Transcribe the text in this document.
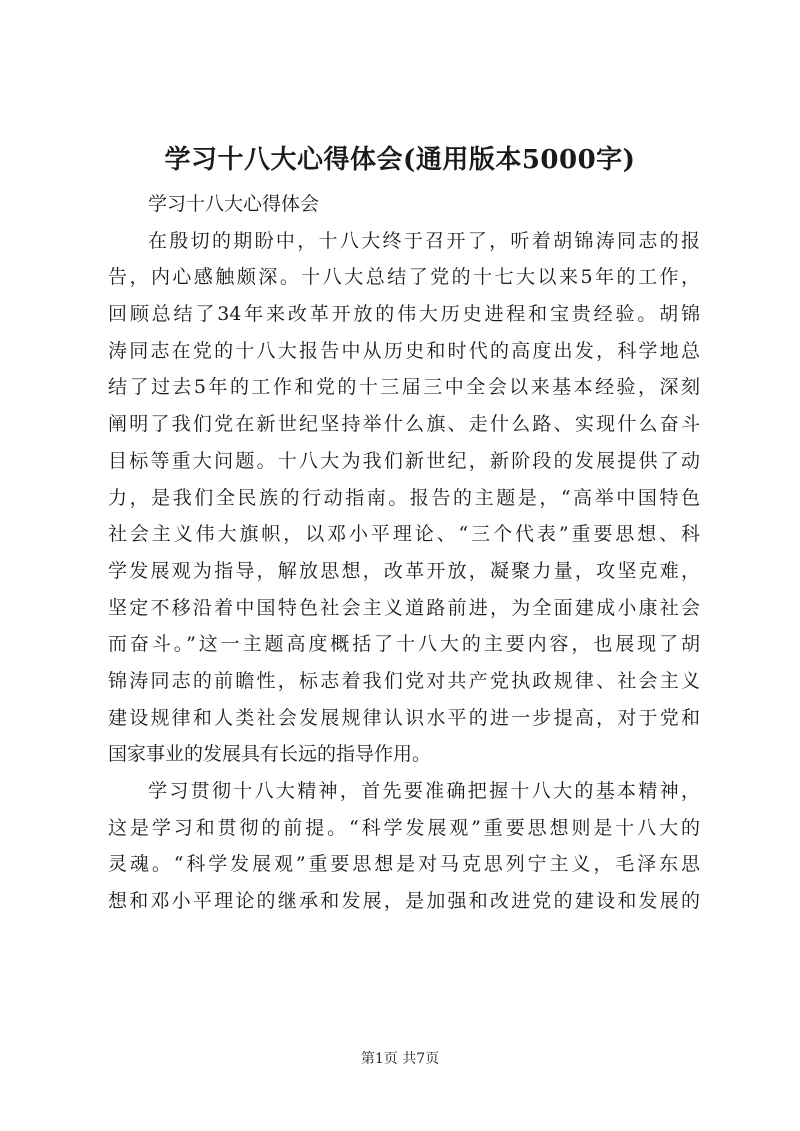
学习十八大心得体会(通用版本5000字)
学习十八大心得体会
在殷切的期盼中，十八大终于召开了，听着胡锦涛同志的报
告，内心感触颇深。十八大总结了党的十七大以来5年的工作，
回顾总结了34年来改革开放的伟大历史进程和宝贵经验。胡锦
涛同志在党的十八大报告中从历史和时代的高度出发，科学地总
结了过去5年的工作和党的十三届三中全会以来基本经验，深刻
阐明了我们党在新世纪坚持举什么旗、走什么路、实现什么奋斗
目标等重大问题。十八大为我们新世纪，新阶段的发展提供了动
力，是我们全民族的行动指南。报告的主题是，“高举中国特色
社会主义伟大旗帜，以邓小平理论、“三个代表”重要思想、科
学发展观为指导，解放思想，改革开放，凝聚力量，攻坚克难，
坚定不移沿着中国特色社会主义道路前进，为全面建成小康社会
而奋斗。”这一主题高度概括了十八大的主要内容，也展现了胡
锦涛同志的前瞻性，标志着我们党对共产党执政规律、社会主义
建设规律和人类社会发展规律认识水平的进一步提高，对于党和
国家事业的发展具有长远的指导作用。
学习贯彻十八大精神，首先要准确把握十八大的基本精神，
这是学习和贯彻的前提。“科学发展观”重要思想则是十八大的
灵魂。“科学发展观”重要思想是对马克思列宁主义，毛泽东思
想和邓小平理论的继承和发展，是加强和改进党的建设和发展的
第1页 共7页
